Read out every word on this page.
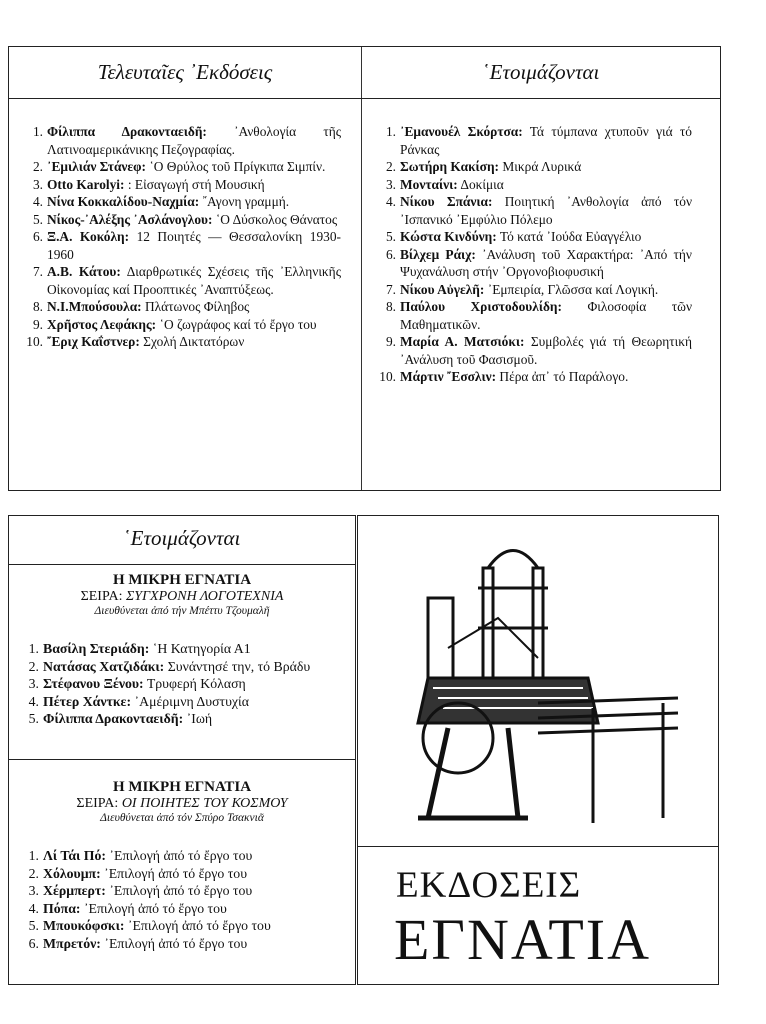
Τελευταῖες ᾿Εκδόσεις	῾Ετοιμάζονται
1. Φίλιππα Δρακονταειδῆ: ᾿Ανθολογία τῆς Λατινοαμερικάνικης Πεζογραφίας.
2. ᾿Εμιλιάν Στάνεφ: ῾Ο Θρύλος τοῦ Πρίγκιπα Σιμπίν.
3. Otto Karolyi: : Εἰσαγωγή στή Μουσική
4. Νίνα Κοκκαλίδου-Ναχμία: ῎Αγονη γραμμή.
5. Νίκος-᾿Αλέξης ᾿Ασλάνογλου: ῾Ο Δύσκολος Θάνατος
6. Ξ.Α. Κοκόλη: 12 Ποιητές — Θεσσαλονίκη 1930-1960
7. Α.Β. Κάτου: Διαρθρωτικές Σχέσεις τῆς ᾿Ελληνικῆς Οἰκονομίας καί Προοπτικές ᾿Αναπτύξεως.
8. Ν.Ι.Μπούσουλα: Πλάτωνος Φίληβος
9. Χρῆστος Λεφάκης: ῾Ο ζωγράφος καί τό ἔργο του
10. ῎Εριχ Καΐστνερ: Σχολή Δικτατόρων
1. ᾿Εμανουέλ Σκόρτσα: Τά τύμπανα χτυποῦν γιά τό Ράνκας
2. Σωτήρη Κακίση: Μικρά Λυρικά
3. Μονταίνι: Δοκίμια
4. Νίκου Σπάνια: Ποιητική ᾿Ανθολογία ἀπό τόν ᾿Ισπανικό ᾿Εμφύλιο Πόλεμο
5. Κώστα Κινδύνη: Τό κατά ᾿Ιούδα Εὐαγγέλιο
6. Βίλχεμ Ράιχ: ᾿Ανάλυση τοῦ Χαρακτήρα: ᾿Από τήν Ψυχανάλυση στήν ᾿Οργονοβιοφυσική
7. Νίκου Αὐγελῆ: ᾿Εμπειρία, Γλῶσσα καί Λογική.
8. Παύλου Χριστοδουλίδη: Φιλοσοφία τῶν Μαθηματικῶν.
9. Μαρία Α. Ματσιόκι: Συμβολές γιά τή Θεωρητική ᾿Ανάλυση τοῦ Φασισμοῦ.
10. Μάρτιν ῎Εσσλιν: Πέρα ἀπ᾿ τό Παράλογο.
῾Ετοιμάζονται
Η ΜΙΚΡΗ ΕΓΝΑΤΙΑ
ΣΕΙΡΑ: ΣΥΓΧΡΟΝΗ ΛΟΓΟΤΕΧΝΙΑ
Διευθύνεται ἀπό τήν Μπέττυ Τζουμαλῆ
1. Βασίλη Στεριάδη: ῾Η Κατηγορία Α1
2. Νατάσας Χατζιδάκι: Συνάντησέ την, τό Βράδυ
3. Στέφανου Ξένου: Τρυφερή Κόλαση
4. Πέτερ Χάντκε: ᾿Αμέριμνη Δυστυχία
5. Φίλιππα Δρακονταειδῆ: ᾿Ιωή
Η ΜΙΚΡΗ ΕΓΝΑΤΙΑ
ΣΕΙΡΑ: ΟΙ ΠΟΙΗΤΕΣ ΤΟΥ ΚΟΣΜΟΥ
Διευθύνεται ἀπό τόν Σπύρο Τσακνιᾶ
1. Λί Τάι Πό: ᾿Επιλογή ἀπό τό ἔργο του
2. Χόλουμπ: ᾿Επιλογή ἀπό τό ἔργο του
3. Χέρμπερτ: ᾿Επιλογή ἀπό τό ἔργο του
4. Πόπα: ᾿Επιλογή ἀπό τό ἔργο του
5. Μπουκόφσκι: ᾿Επιλογή ἀπό τό ἔργο του
6. Μπρετόν: ᾿Επιλογή ἀπό τό ἔργο του
ΕΚΔΟΣΕΙΣ
ΕΓΝΑΤΙΑ
